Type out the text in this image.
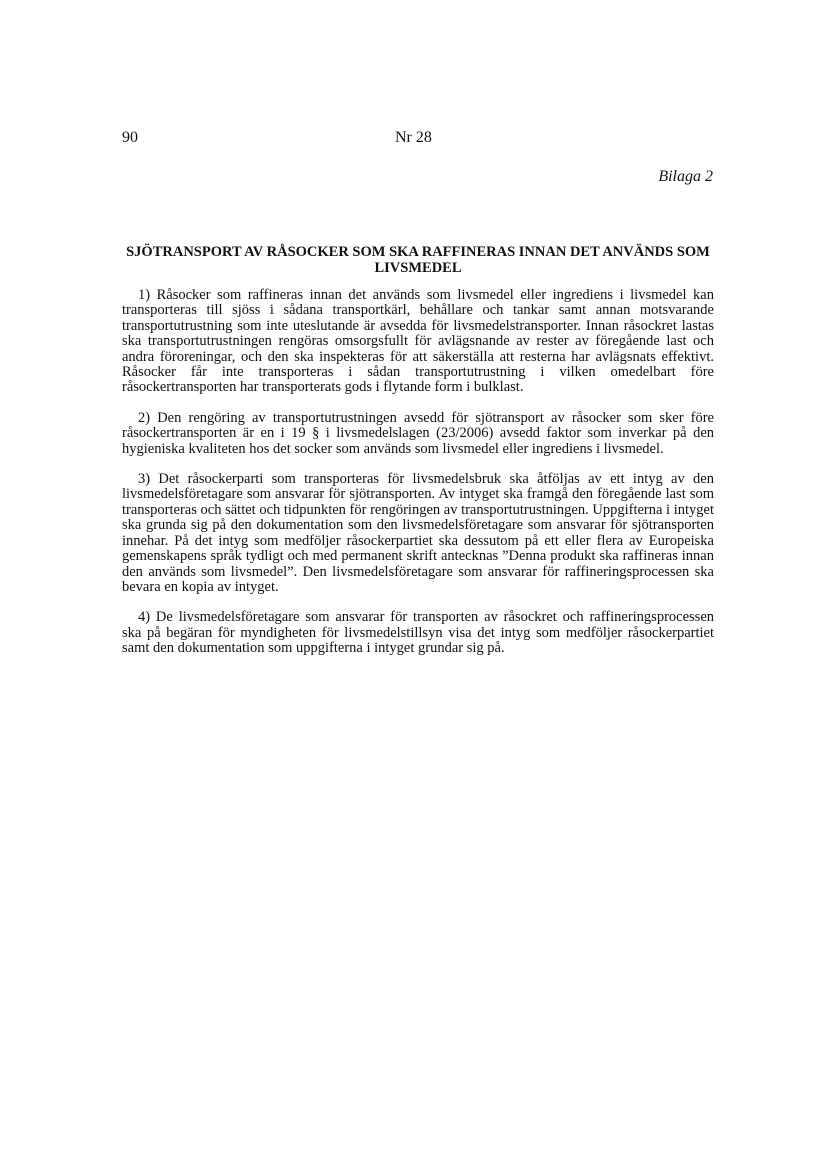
90	Nr 28
Bilaga 2
SJÖTRANSPORT AV RÅSOCKER SOM SKA RAFFINERAS INNAN DET ANVÄNDS SOM LIVSMEDEL

1) Råsocker som raffineras innan det används som livsmedel eller ingrediens i livsmedel kan transporteras till sjöss i sådana transportkärl, behållare och tankar samt annan motsvarande transportutrustning som inte uteslutande är avsedda för livsmedelstransporter. Innan råsockret lastas ska transportutrustningen rengöras omsorgsfullt för avlägsnande av rester av föregående last och andra föroreningar, och den ska inspekteras för att säkerställa att resterna har avlägsnats effektivt. Råsocker får inte transporteras i sådan transportutrustning i vilken omedelbart före råsockertransporten har transporterats gods i flytande form i bulklast.

2) Den rengöring av transportutrustningen avsedd för sjötransport av råsocker som sker före råsockertransporten är en i 19 § i livsmedelslagen (23/2006) avsedd faktor som inverkar på den hygieniska kvaliteten hos det socker som används som livsmedel eller ingrediens i livsmedel.

3) Det råsockerparti som transporteras för livsmedelsbruk ska åtföljas av ett intyg av den livsmedelsföretagare som ansvarar för sjötransporten. Av intyget ska framgå den föregående last som transporteras och sättet och tidpunkten för rengöringen av transportutrustningen. Uppgifterna i intyget ska grunda sig på den dokumentation som den livsmedelsföretagare som ansvarar för sjötransporten innehar. På det intyg som medföljer råsockerpartiet ska dessutom på ett eller flera av Europeiska gemenskapens språk tydligt och med permanent skrift antecknas ”Denna produkt ska raffineras innan den används som livsmedel”. Den livsmedelsföretagare som ansvarar för raffineringsprocessen ska bevara en kopia av intyget.

4) De livsmedelsföretagare som ansvarar för transporten av råsockret och raffineringsprocessen ska på begäran för myndigheten för livsmedelstillsyn visa det intyg som medföljer råsockerpartiet samt den dokumentation som uppgifterna i intyget grundar sig på.
